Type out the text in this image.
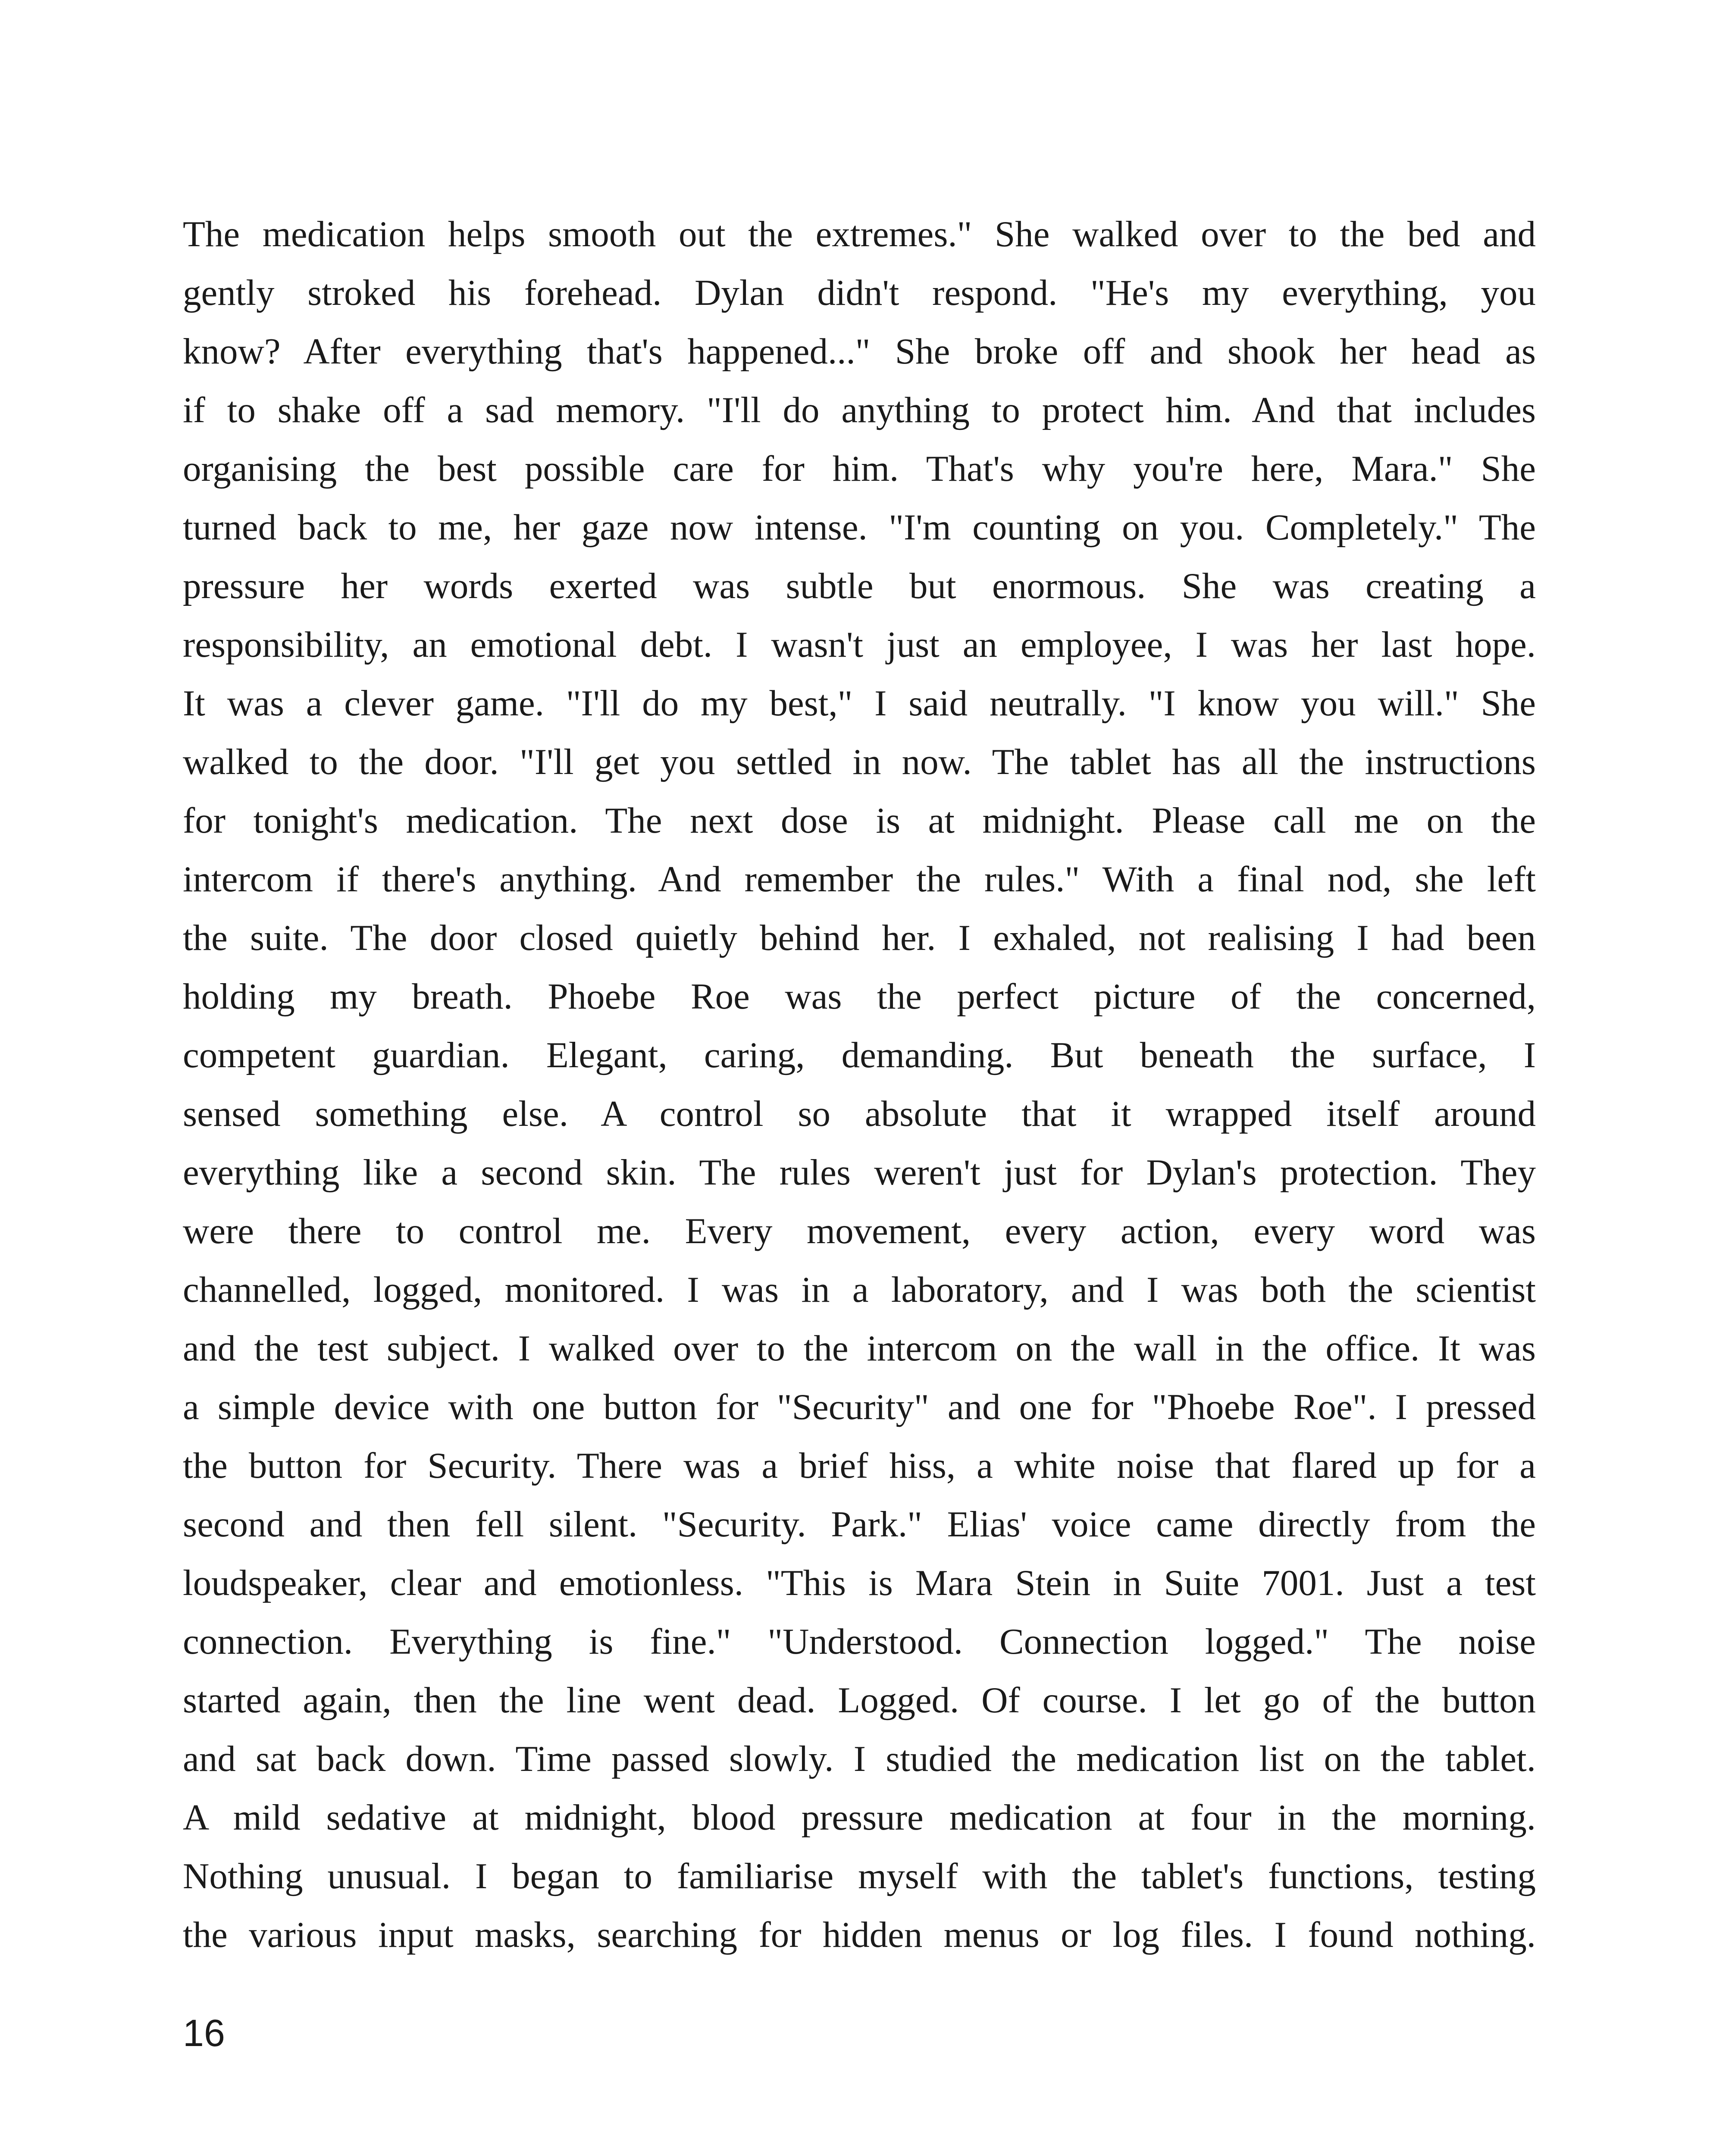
The medication helps smooth out the extremes." She walked over to the bed and
gently stroked his forehead. Dylan didn't respond. "He's my everything, you
know? After everything that's happened..." She broke off and shook her head as
if to shake off a sad memory. "I'll do anything to protect him. And that includes
organising the best possible care for him. That's why you're here, Mara." She
turned back to me, her gaze now intense. "I'm counting on you. Completely." The
pressure her words exerted was subtle but enormous. She was creating a
responsibility, an emotional debt. I wasn't just an employee, I was her last hope.
It was a clever game. "I'll do my best," I said neutrally. "I know you will." She
walked to the door. "I'll get you settled in now. The tablet has all the instructions
for tonight's medication. The next dose is at midnight. Please call me on the
intercom if there's anything. And remember the rules." With a final nod, she left
the suite. The door closed quietly behind her. I exhaled, not realising I had been
holding my breath. Phoebe Roe was the perfect picture of the concerned,
competent guardian. Elegant, caring, demanding. But beneath the surface, I
sensed something else. A control so absolute that it wrapped itself around
everything like a second skin. The rules weren't just for Dylan's protection. They
were there to control me. Every movement, every action, every word was
channelled, logged, monitored. I was in a laboratory, and I was both the scientist
and the test subject. I walked over to the intercom on the wall in the office. It was
a simple device with one button for "Security" and one for "Phoebe Roe". I pressed
the button for Security. There was a brief hiss, a white noise that flared up for a
second and then fell silent. "Security. Park." Elias' voice came directly from the
loudspeaker, clear and emotionless. "This is Mara Stein in Suite 7001. Just a test
connection. Everything is fine." "Understood. Connection logged." The noise
started again, then the line went dead. Logged. Of course. I let go of the button
and sat back down. Time passed slowly. I studied the medication list on the tablet.
A mild sedative at midnight, blood pressure medication at four in the morning.
Nothing unusual. I began to familiarise myself with the tablet's functions, testing
the various input masks, searching for hidden menus or log files. I found nothing.
16
